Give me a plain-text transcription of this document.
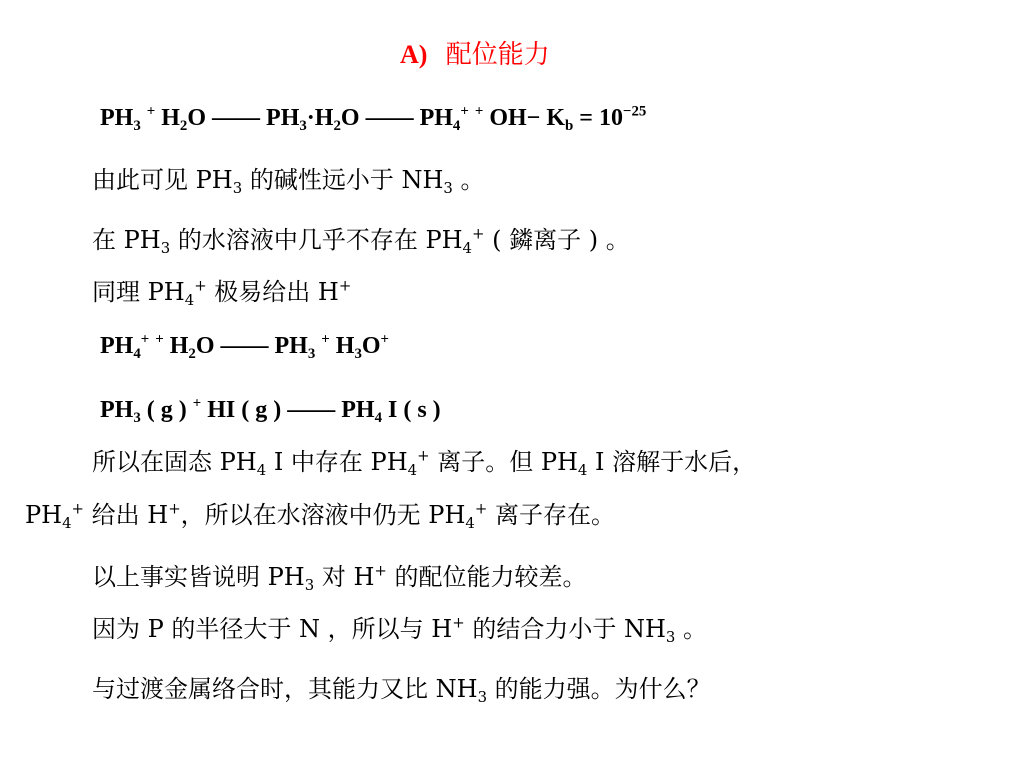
A) 配位能力
$PH_3$ + $H_2O$ —— $PH_3\cdot H_2O$ —— $PH_4^+$ + $OH- K_b = 10^{-25}$
由此可见 $PH_3$ 的碱性远小于 $NH_3$ 。
在 $PH_3$ 的水溶液中几乎不存在 $PH_4^+$ ( 鏻离子 ) 。
同理 $PH_4^+$ 极易给出 H+
$PH_4^+$ + $H_2O$ —— $PH_3$ + $H_3O^+$
$PH_3$ ( g ) + HI ( g ) —— $PH_4$ I ( s )
所以在固态 $PH_4$ I 中存在 $PH_4^+$ 离子。但 $PH_4$ I 溶解于水后，
$PH_4^+$ 给出 H+，所以在水溶液中仍无 $PH_4^+$ 离子存在。
以上事实皆说明 $PH_3$ 对 H+ 的配位能力较差。
因为 P 的半径大于 N ，所以与 H+ 的结合力小于 $NH_3$ 。
与过渡金属络合时，其能力又比 $NH_3$ 的能力强。为什么？
